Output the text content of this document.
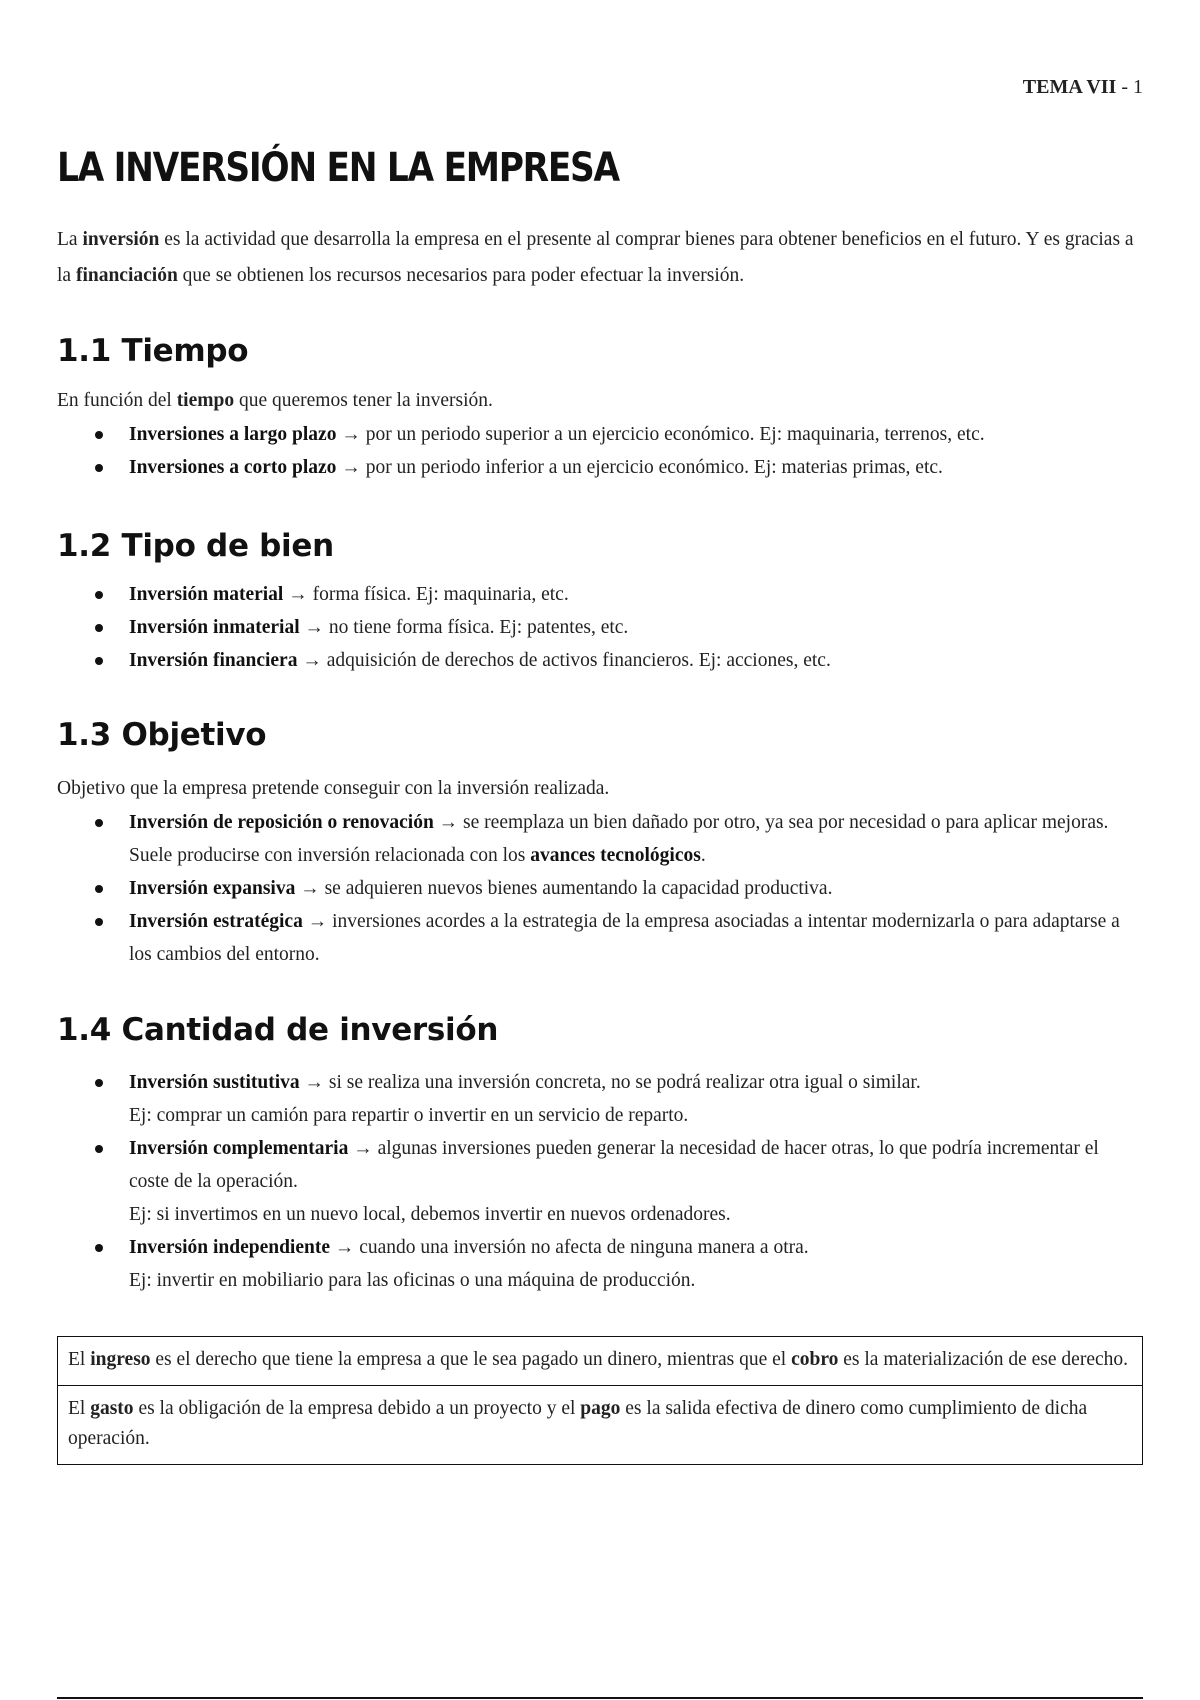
TEMA VII - 1
LA INVERSIÓN EN LA EMPRESA

La inversión es la actividad que desarrolla la empresa en el presente al comprar bienes para obtener beneficios en el futuro. Y es gracias a la financiación que se obtienen los recursos necesarios para poder efectuar la inversión.

1.1 Tiempo
En función del tiempo que queremos tener la inversión.
Inversiones a largo plazo → por un periodo superior a un ejercicio económico. Ej: maquinaria, terrenos, etc.
Inversiones a corto plazo → por un periodo inferior a un ejercicio económico. Ej: materias primas, etc.
1.2 Tipo de bien
Inversión material → forma física. Ej: maquinaria, etc.
Inversión inmaterial → no tiene forma física. Ej: patentes, etc.
Inversión financiera → adquisición de derechos de activos financieros. Ej: acciones, etc.
1.3 Objetivo
Objetivo que la empresa pretende conseguir con la inversión realizada.
Inversión de reposición o renovación → se reemplaza un bien dañado por otro, ya sea por necesidad o para aplicar mejoras. Suele producirse con inversión relacionada con los avances tecnológicos.
Inversión expansiva → se adquieren nuevos bienes aumentando la capacidad productiva.
Inversión estratégica → inversiones acordes a la estrategia de la empresa asociadas a intentar modernizarla o para adaptarse a los cambios del entorno.
1.4 Cantidad de inversión
Inversión sustitutiva → si se realiza una inversión concreta, no se podrá realizar otra igual o similar.
Ej: comprar un camión para repartir o invertir en un servicio de reparto.
Inversión complementaria → algunas inversiones pueden generar la necesidad de hacer otras, lo que podría incrementar el coste de la operación.
Ej: si invertimos en un nuevo local, debemos invertir en nuevos ordenadores.
Inversión independiente → cuando una inversión no afecta de ninguna manera a otra.
Ej: invertir en mobiliario para las oficinas o una máquina de producción.
El ingreso es el derecho que tiene la empresa a que le sea pagado un dinero, mientras que el cobro es la materialización de ese derecho.
El gasto es la obligación de la empresa debido a un proyecto y el pago es la salida efectiva de dinero como cumplimiento de dicha operación.
